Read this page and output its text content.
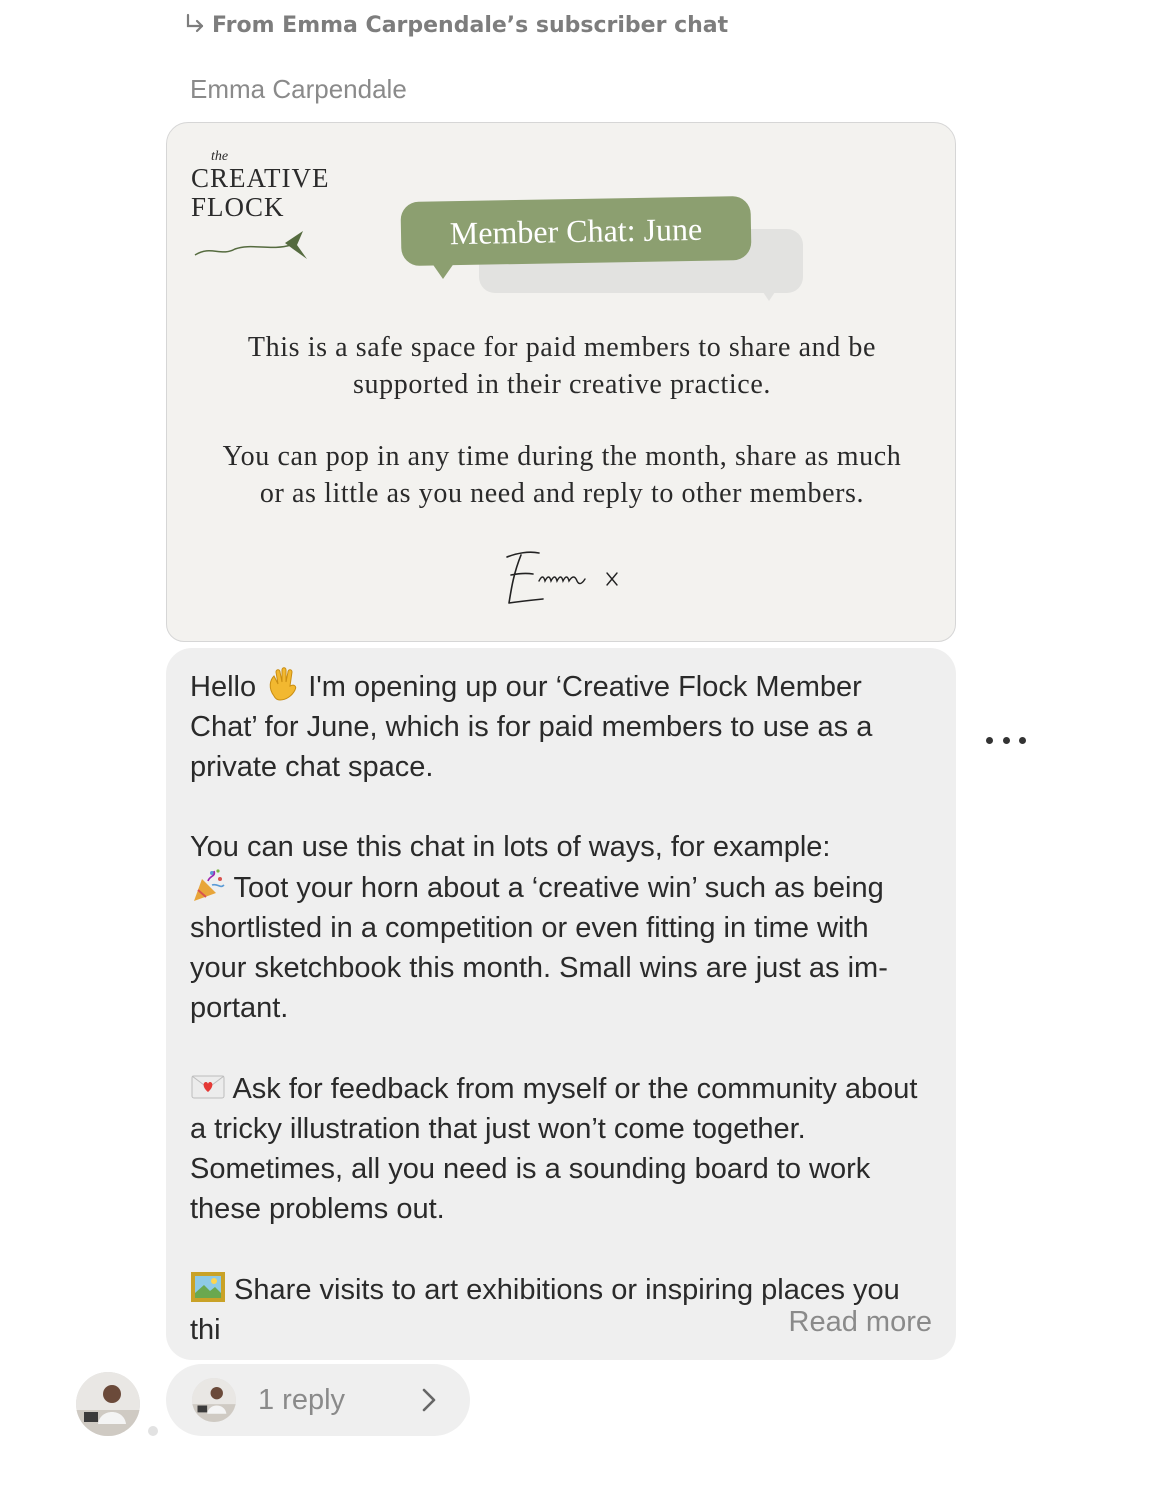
From Emma Carpendale’s subscriber chat
Emma Carpendale
the
CREATIVE
FLOCK
Member Chat: June
This is a safe space for paid members to share and be
supported in their creative practice.
You can pop in any time during the month, share as much
or as little as you need and reply to other members.
Hello  I'm opening up our ‘Creative Flock Member Chat’ for June, which is for paid members to use as a private chat space.

You can use this chat in lots of ways, for example:
Toot your horn about a ‘creative win’ such as being shortlisted in a competition or even fitting in time with your sketchbook this month. Small wins are just as im-portant.

Ask for feedback from myself or the community about a tricky illustration that just won’t come together. Sometimes, all you need is a sounding board to work these problems out.

Share visits to art exhibitions or inspiring places you thi	Read more
1 reply
